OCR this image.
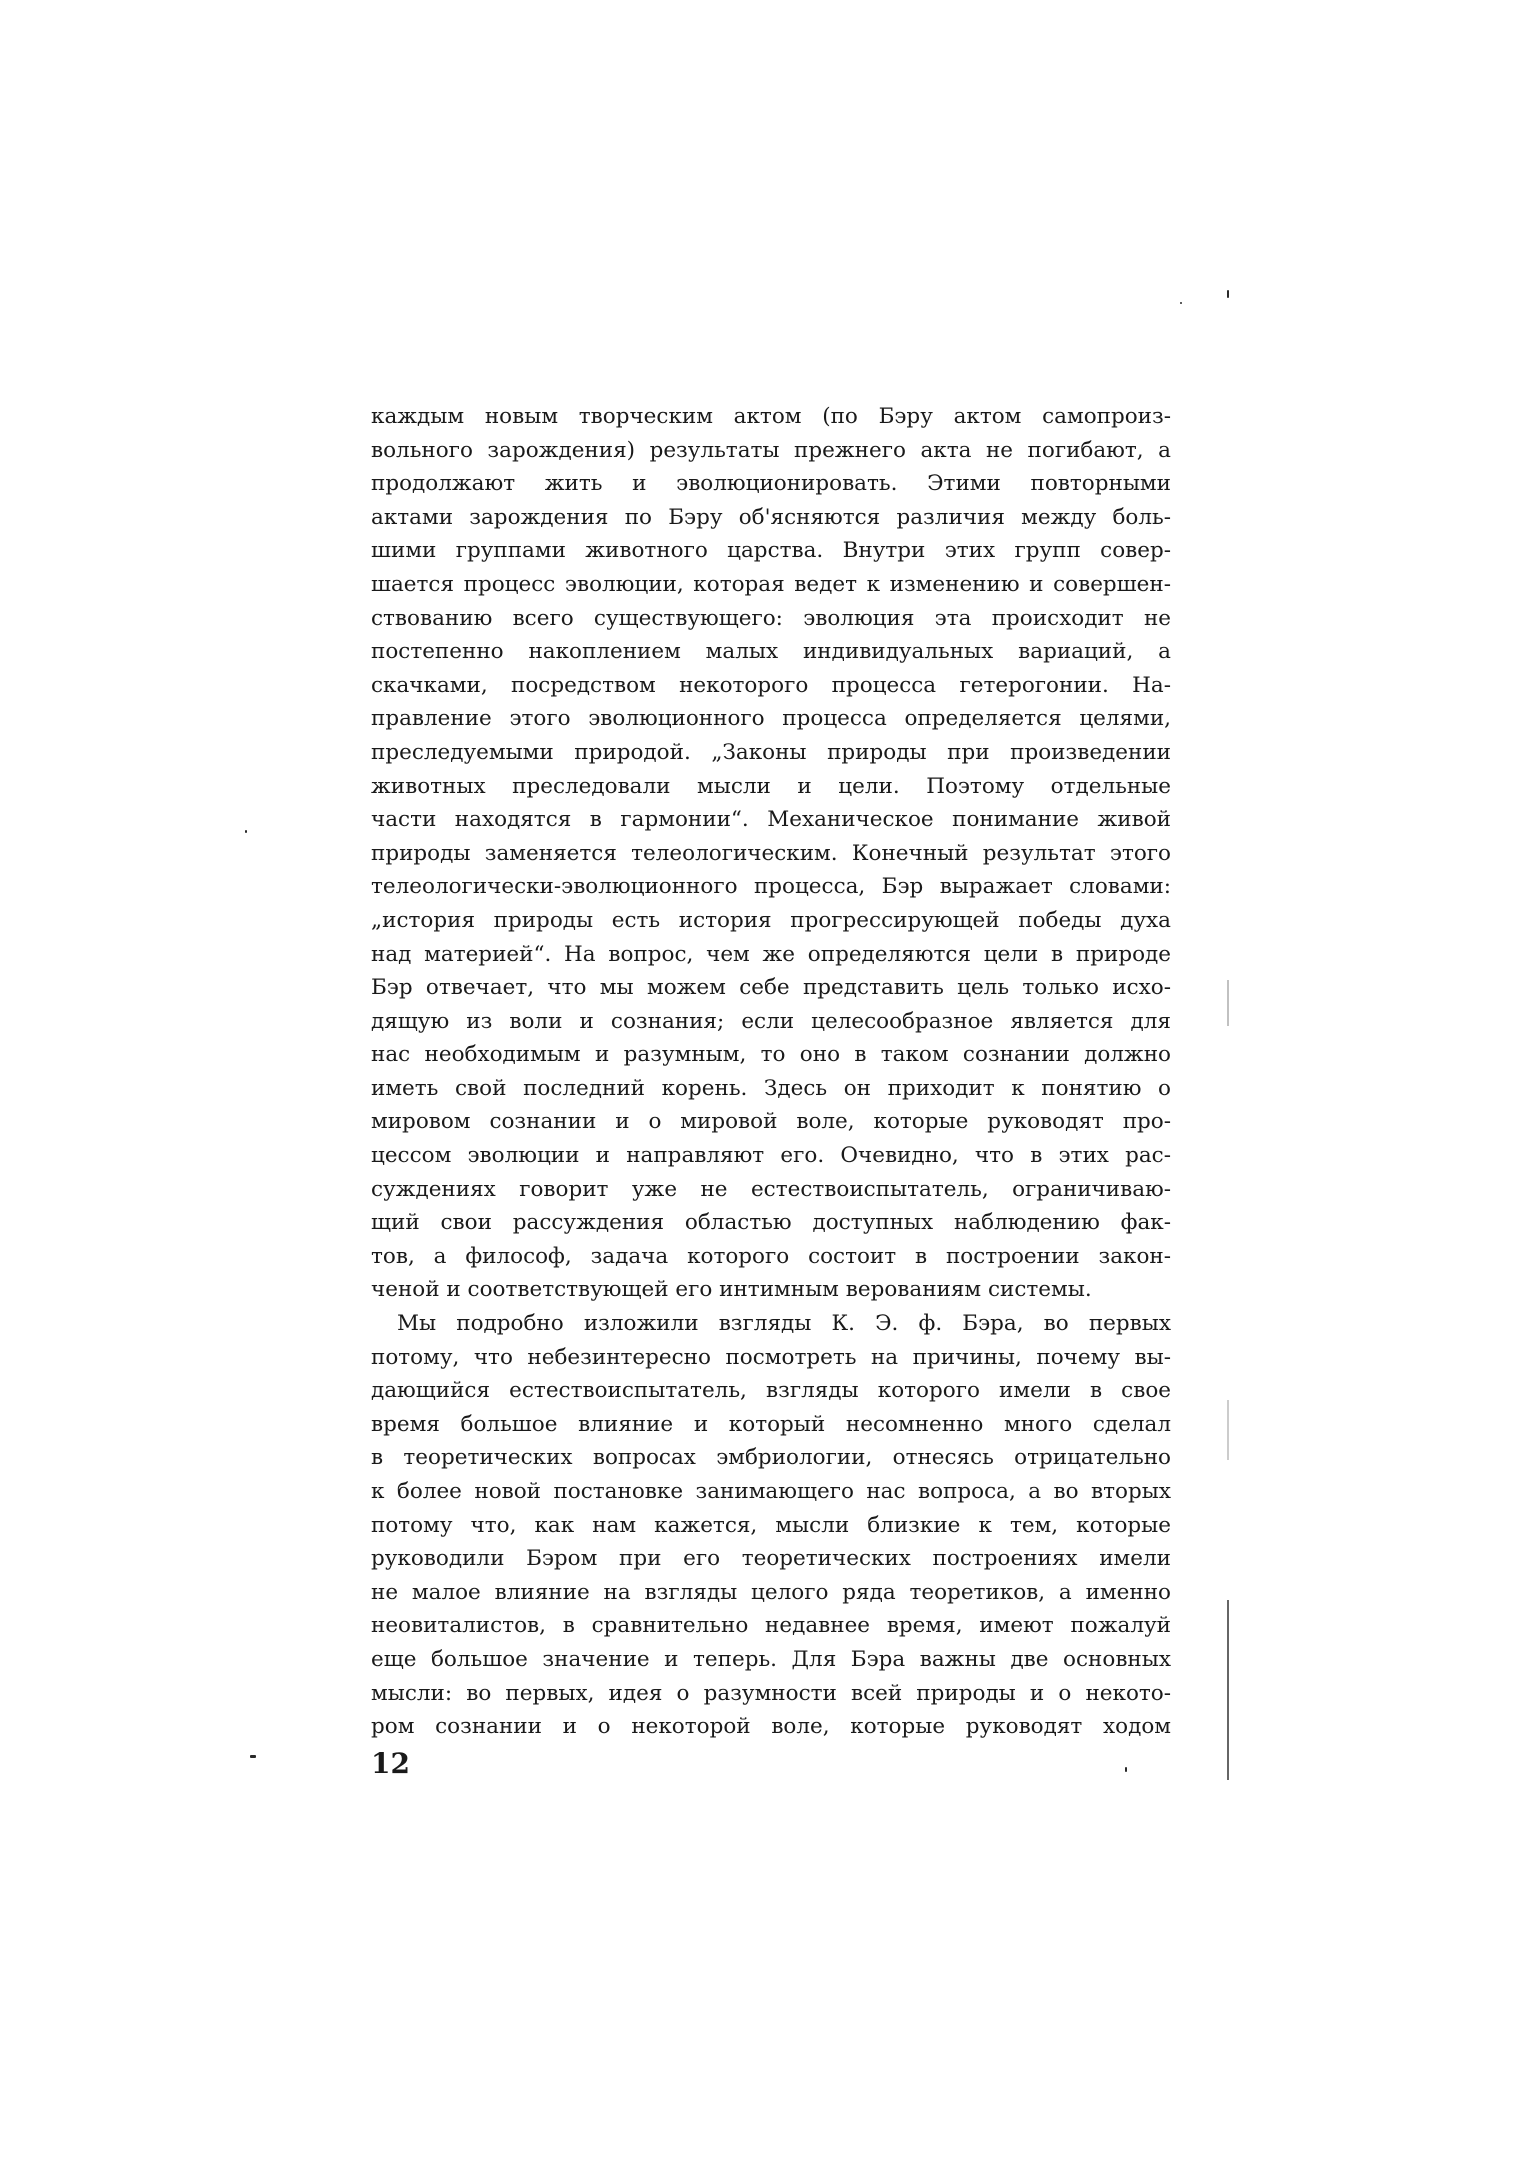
каждым новым творческим актом (по Бэру актом самопроиз-
вольного зарождения) результаты прежнего акта не погибают, а
продолжают жить и эволюционировать. Этими повторными
актами зарождения по Бэру об'ясняются различия между боль-
шими группами животного царства. Внутри этих групп совер-
шается процесс эволюции, которая ведет к изменению и совершен-
ствованию всего существующего: эволюция эта происходит не
постепенно накоплением малых индивидуальных вариаций, а
скачками, посредством некоторого процесса гетерогонии. На-
правление этого эволюционного процесса определяется целями,
преследуемыми природой. „Законы природы при произведении
животных преследовали мысли и цели. Поэтому отдельные
части находятся в гармонии“. Механическое понимание живой
природы заменяется телеологическим. Конечный результат этого
телеологически-эволюционного процесса, Бэр выражает словами:
„история природы есть история прогрессирующей победы духа
над материей“. На вопрос, чем же определяются цели в природе
Бэр отвечает, что мы можем себе представить цель только исхо-
дящую из воли и сознания; если целесообразное является для
нас необходимым и разумным, то оно в таком сознании должно
иметь свой последний корень. Здесь он приходит к понятию о
мировом сознании и о мировой воле, которые руководят про-
цессом эволюции и направляют его. Очевидно, что в этих рас-
суждениях говорит уже не естествоиспытатель, ограничиваю-
щий свои рассуждения областью доступных наблюдению фак-
тов, а философ, задача которого состоит в построении закон-
ченой и соответствующей его интимным верованиям системы.
Мы подробно изложили взгляды К. Э. ф. Бэра, во первых
потому, что небезинтересно посмотреть на причины, почему вы-
дающийся естествоиспытатель, взгляды которого имели в свое
время большое влияние и который несомненно много сделал
в теоретических вопросах эмбриологии, отнесясь отрицательно
к более новой постановке занимающего нас вопроса, а во вторых
потому что, как нам кажется, мысли близкие к тем, которые
руководили Бэром при его теоретических построениях имели
не малое влияние на взгляды целого ряда теоретиков, а именно
неовиталистов, в сравнительно недавнее время, имеют пожалуй
еще большое значение и теперь. Для Бэра важны две основных
мысли: во первых, идея о разумности всей природы и о некото-
ром сознании и о некоторой воле, которые руководят ходом
12
